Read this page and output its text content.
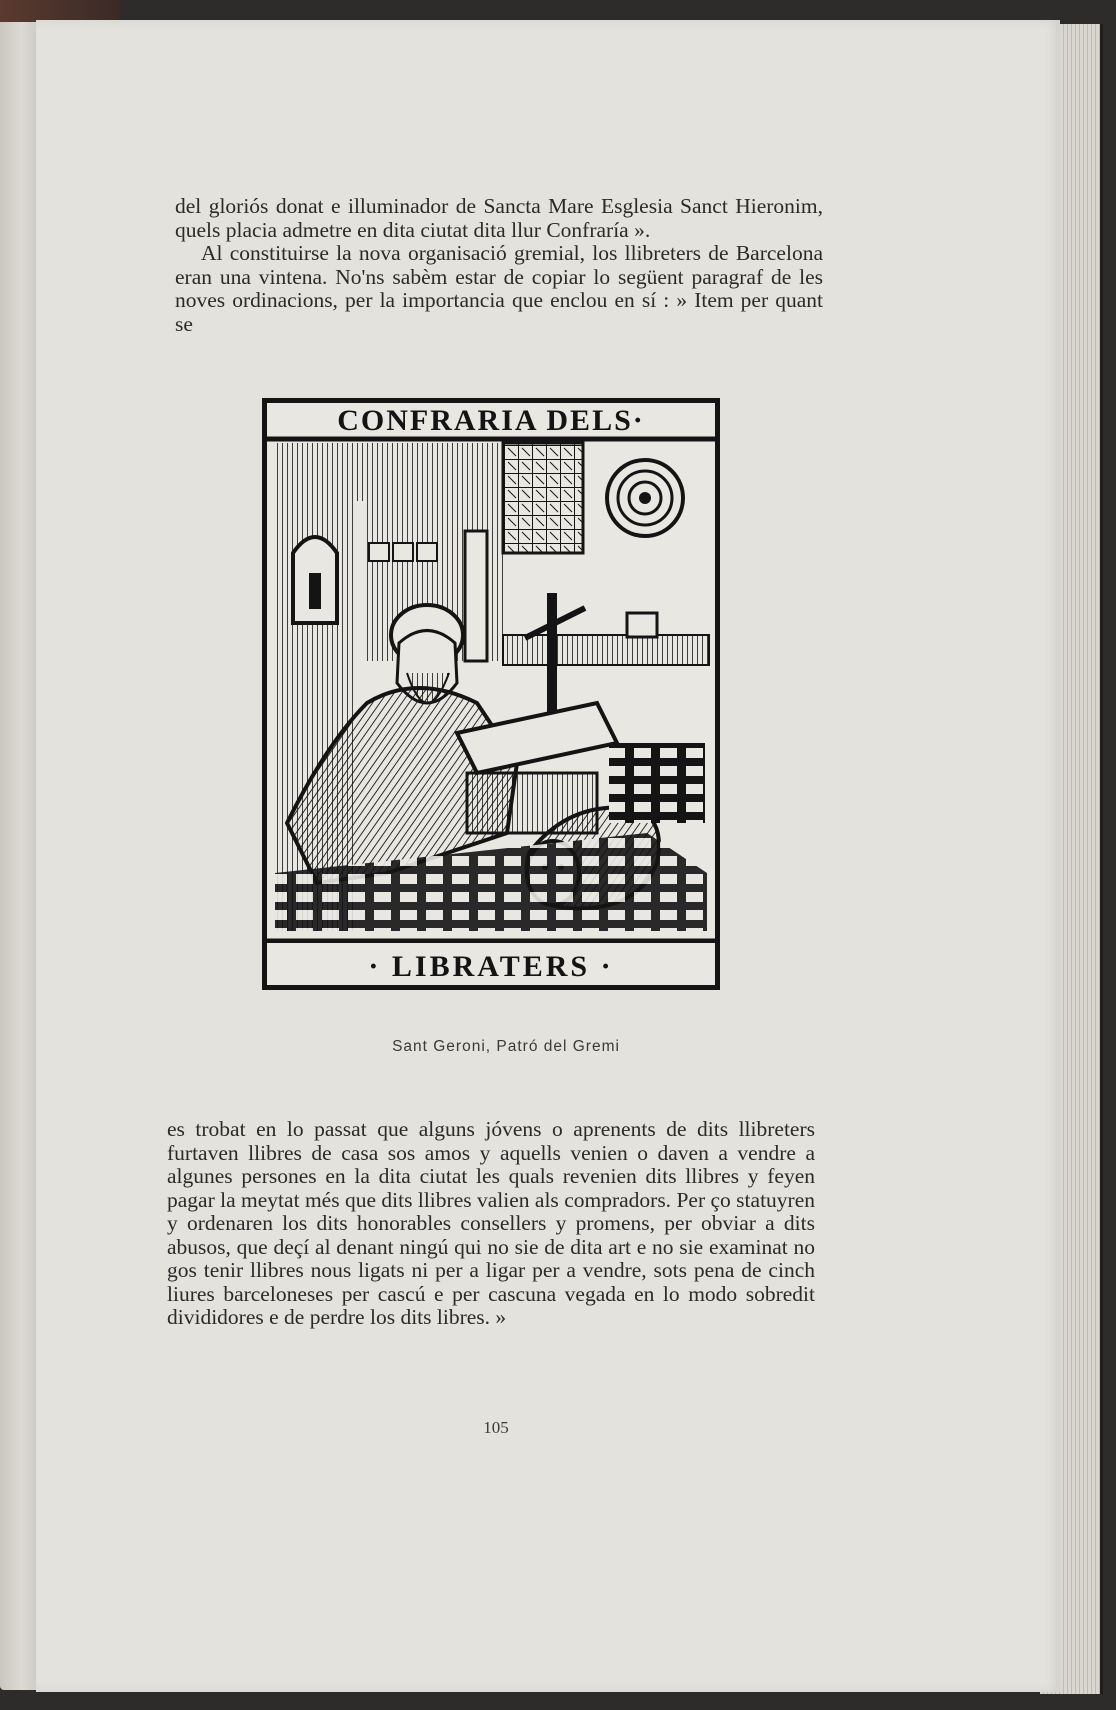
del gloriós donat e illuminador de Sancta Mare Esglesia Sanct Hieronim, quels placia admetre en dita ciutat dita llur Confraría ».

Al constituirse la nova organisació gremial, los llibreters de Barcelona eran una vintena. No'ns sabèm estar de copiar lo següent paragraf de les noves ordinacions, per la importancia que enclou en sí : » Item per quant se

CONFRARIA DELS·
· LIBRATERS ·
Sant Geroni, Patró del Gremi

es trobat en lo passat que alguns jóvens o aprenents de dits llibreters furtaven llibres de casa sos amos y aquells venien o daven a vendre a algunes persones en la dita ciutat les quals revenien dits llibres y feyen pagar la meytat més que dits llibres valien als compradors. Per ço statuyren y ordenaren los dits honorables consellers y promens, per obviar a dits abusos, que deçí al denant ningú qui no sie de dita art e no sie examinat no gos tenir llibres nous ligats ni per a ligar per a vendre, sots pena de cinch liures barceloneses per cascú e per cascuna vegada en lo modo sobredit divididores e de perdre los dits libres. »

105
